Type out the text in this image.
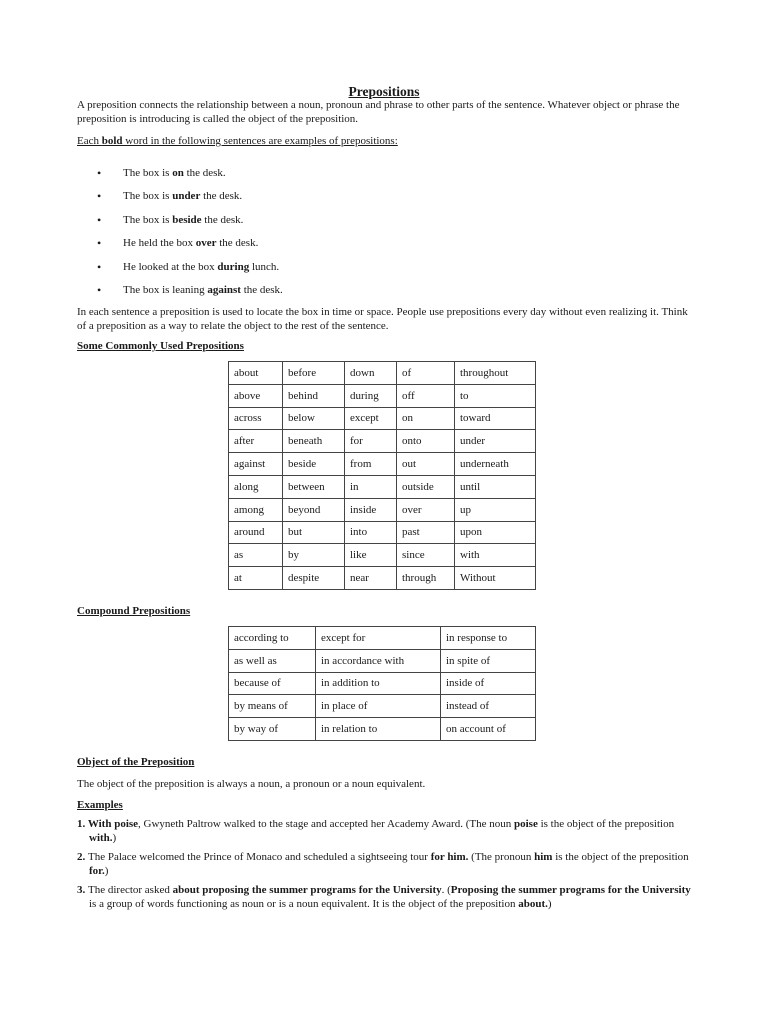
Prepositions
A preposition connects the relationship between a noun, pronoun and phrase to other parts of the sentence. Whatever object or phrase the preposition is introducing is called the object of the preposition.
Each bold word in the following sentences are examples of prepositions:
• The box is on the desk.
• The box is under the desk.
• The box is beside the desk.
• He held the box over the desk.
• He looked at the box during lunch.
• The box is leaning against the desk.
In each sentence a preposition is used to locate the box in time or space. People use prepositions every day without even realizing it. Think of a preposition as a way to relate the object to the rest of the sentence.
Some Commonly Used Prepositions
about	before	down	of	throughout
above	behind	during	off	to
across	below	except	on	toward
after	beneath	for	onto	under
against	beside	from	out	underneath
along	between	in	outside	until
among	beyond	inside	over	up
around	but	into	past	upon
as	by	like	since	with
at	despite	near	through	Without
Compound Prepositions
according to	except for	in response to
as well as	in accordance with	in spite of
because of	in addition to	inside of
by means of	in place of	instead of
by way of	in relation to	on account of
Object of the Preposition
The object of the preposition is always a noun, a pronoun or a noun equivalent.
Examples
1. With poise, Gwyneth Paltrow walked to the stage and accepted her Academy Award. (The noun poise is the object of the preposition with.)
2. The Palace welcomed the Prince of Monaco and scheduled a sightseeing tour for him. (The pronoun him is the object of the preposition for.)
3. The director asked about proposing the summer programs for the University. (Proposing the summer programs for the University is a group of words functioning as noun or is a noun equivalent. It is the object of the preposition about.)
